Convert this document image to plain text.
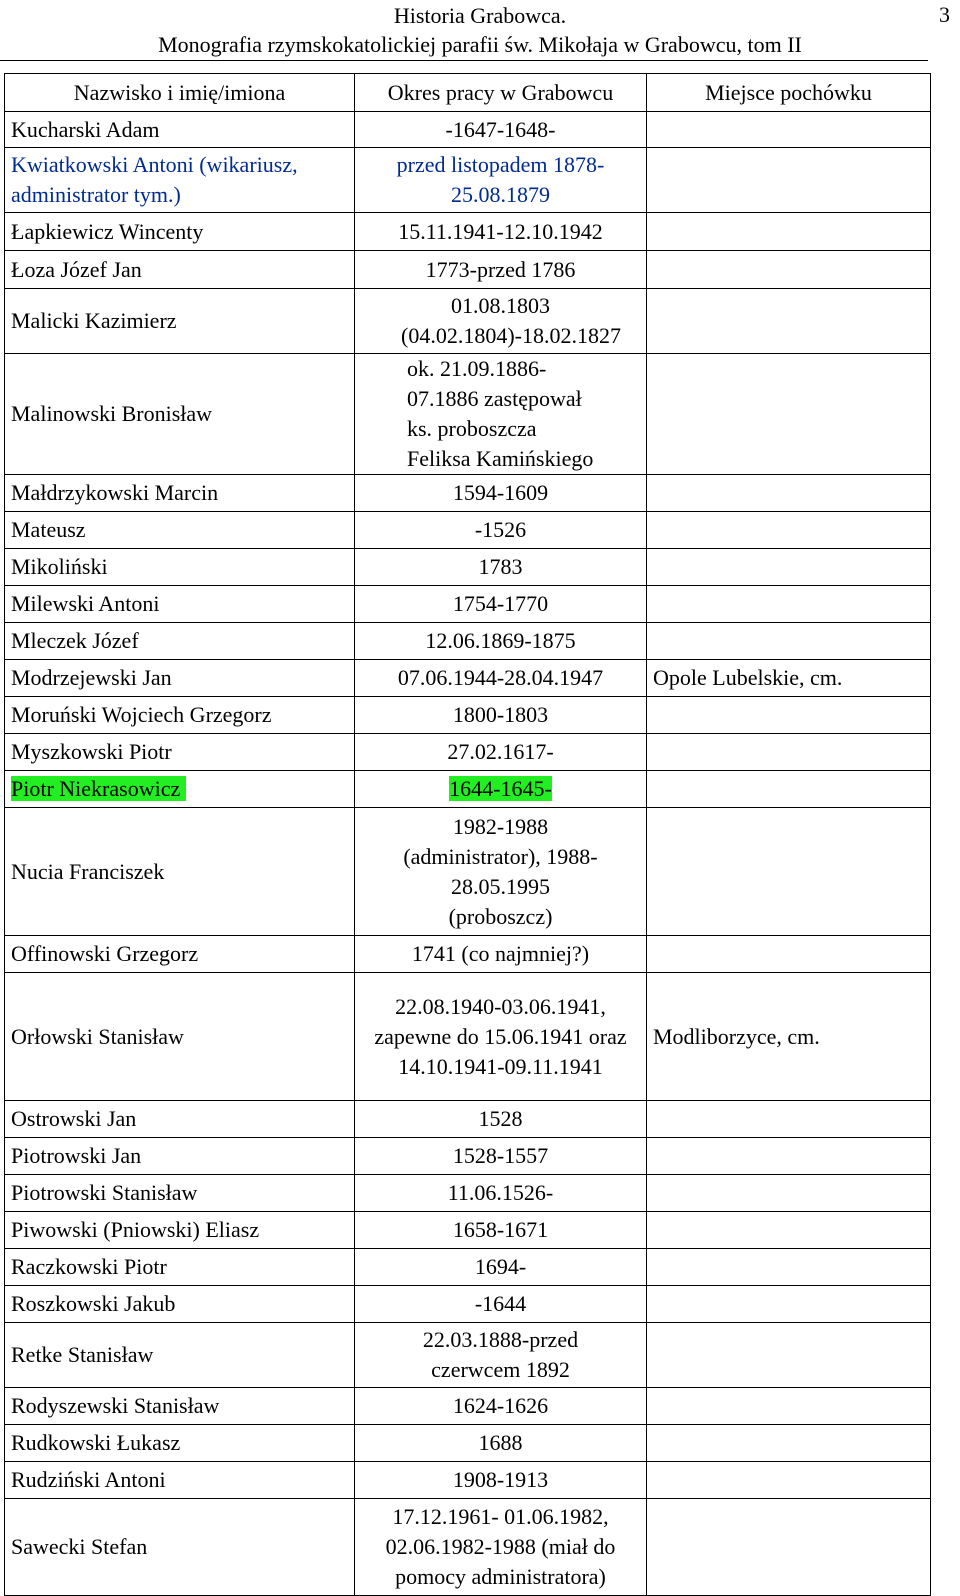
Historia Grabowca.
Monografia rzymskokatolickiej parafii św. Mikołaja w Grabowcu, tom II
3
Nazwisko i imię/imiona	Okres pracy w Grabowcu	Miejsce pochówku
Kucharski Adam	-1647-1648-	
Kwiatkowski Antoni (wikariusz, administrator tym.)	przed listopadem 1878-25.08.1879	

Łapkiewicz Wincenty	15.11.1941-12.10.1942	
Łoza Józef Jan	1773-przed 1786	
Malicki Kazimierz	01.08.1803 (04.02.1804)-18.02.1827	

Malinowski Bronisław	ok. 21.09.1886-07.1886 zastępował ks. proboszcza Feliksa Kamińskiego	

Małdrzykowski Marcin	1594-1609	
Mateusz	-1526	
Mikoliński	1783	
Milewski Antoni	1754-1770	
Mleczek Józef	12.06.1869-1875	
Modrzejewski Jan	07.06.1944-28.04.1947	Opole Lubelskie, cm.
Moruński Wojciech Grzegorz	1800-1803	
Myszkowski Piotr	27.02.1617-	
Piotr Niekrasowicz	1644-1645-	
Nucia Franciszek	1982-1988 (administrator), 1988-28.05.1995 (proboszcz)	

Offinowski Grzegorz	1741 (co najmniej?)	
Orłowski Stanisław	22.08.1940-03.06.1941, zapewne do 15.06.1941 oraz 14.10.1941-09.11.1941	Modliborzyce, cm.
Ostrowski Jan	1528	
Piotrowski Jan	1528-1557	
Piotrowski Stanisław	11.06.1526-	
Piwowski (Pniowski) Eliasz	1658-1671	
Raczkowski Piotr	1694-	
Roszkowski Jakub	-1644	
Retke Stanisław	22.03.1888-przed czerwcem 1892	

Rodyszewski Stanisław	1624-1626	
Rudkowski Łukasz	1688	
Rudziński Antoni	1908-1913	
Sawecki Stefan	17.12.1961- 01.06.1982, 02.06.1982-1988 (miał do pomocy administratora)	
